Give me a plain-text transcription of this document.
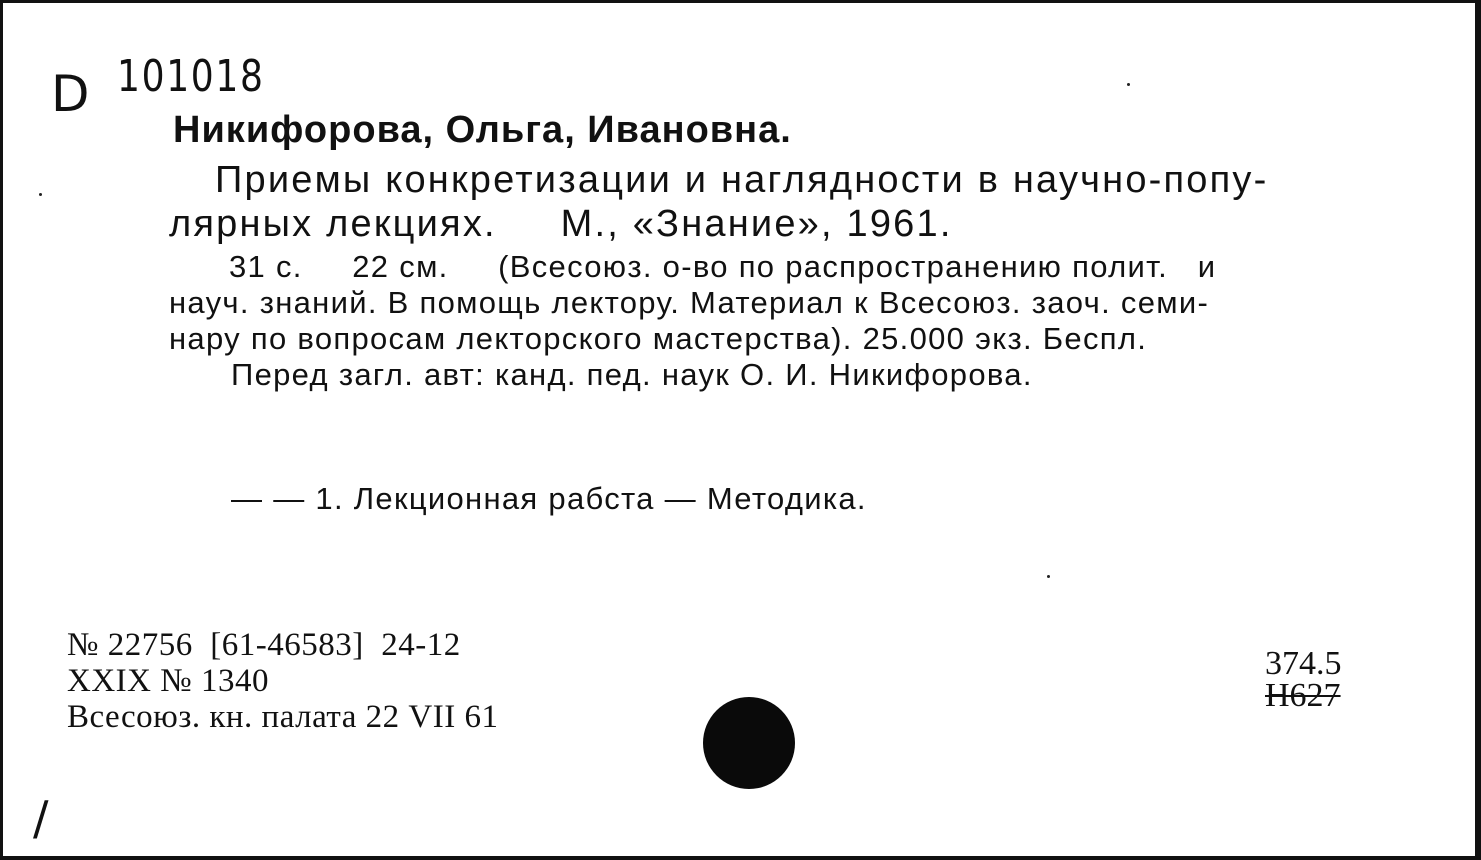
D 101018
Никифорова, Ольга, Ивановна.
Приемы конкретизации и наглядности в научно-попу-
лярных лекциях.     М., «Знание», 1961.
31 с.     22 см.     (Всесоюз. о-во по распространению полит.   и
науч. знаний. В помощь лектору. Материал к Всесоюз. заоч. семи-
нару по вопросам лекторского мастерства). 25.000 экз. Беспл.
Перед загл. авт: канд. пед. наук О. И. Никифорова.
— — 1. Лекционная рабста — Методика.
№ 22756  [61-46583]  24-12
XXIX № 1340
Всесоюз. кн. палата 22 VII 61
374.5
Н627
/
